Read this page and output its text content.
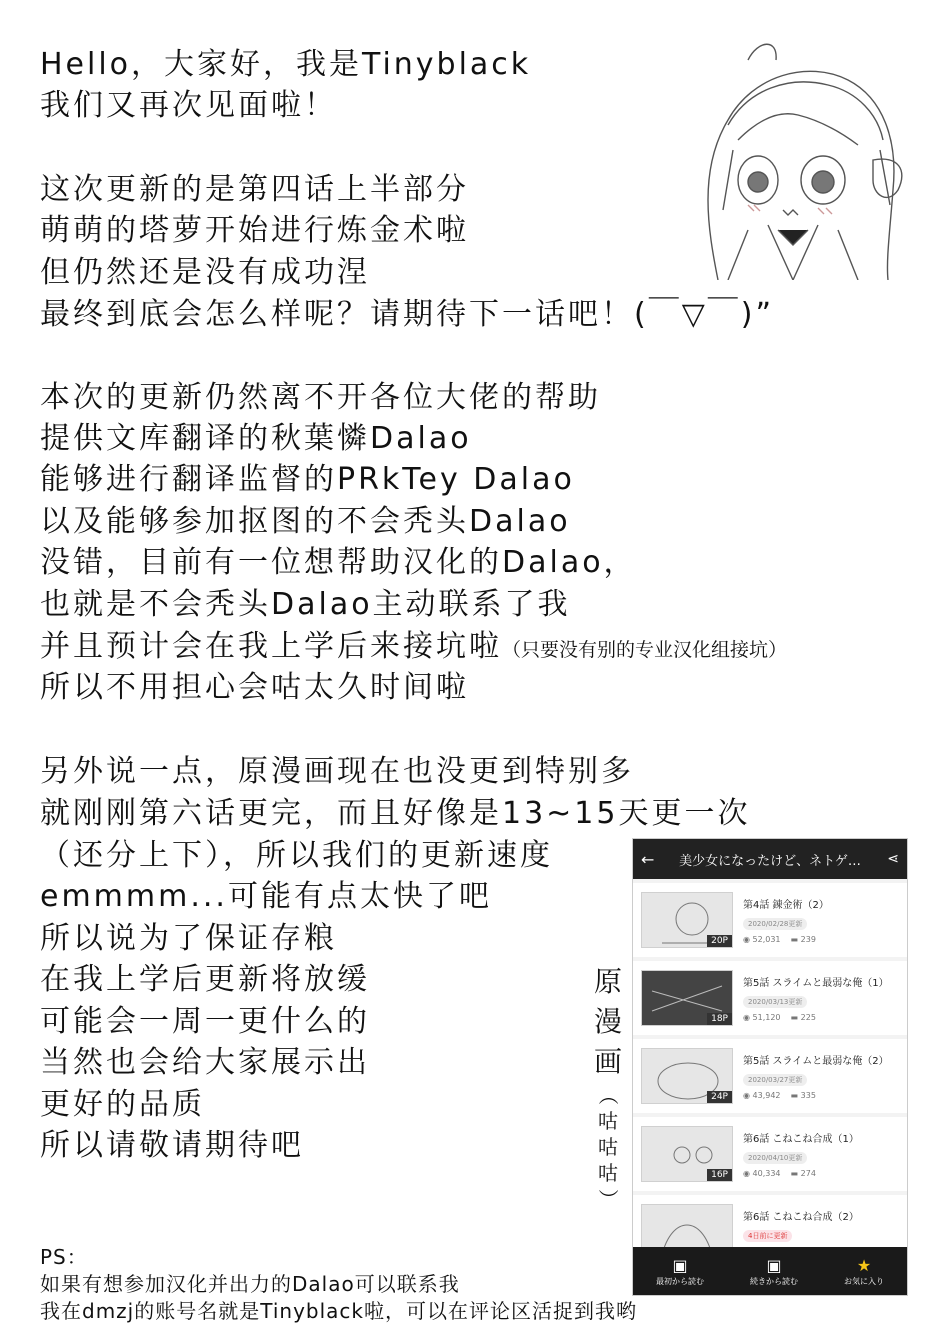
Hello，大家好，我是Tinyblack
我们又再次见面啦！
这次更新的是第四话上半部分
萌萌的塔萝开始进行炼金术啦
但仍然还是没有成功涅
最终到底会怎么样呢？请期待下一话吧！(￣▽￣)”
本次的更新仍然离不开各位大佬的帮助
提供文库翻译的秋葉憐Dalao
能够进行翻译监督的PRkTey Dalao
以及能够参加抠图的不会秃头Dalao
没错，目前有一位想帮助汉化的Dalao，
也就是不会秃头Dalao主动联系了我
并且预计会在我上学后来接坑啦（只要没有别的专业汉化组接坑）
所以不用担心会咕太久时间啦
另外说一点，原漫画现在也没更到特别多
就刚刚第六话更完，而且好像是13~15天更一次
（还分上下），所以我们的更新速度
emmmm...可能有点太快了吧
所以说为了保证存粮
在我上学后更新将放缓
可能会一周一更什么的
当然也会给大家展示出
更好的品质
所以请敬请期待吧
原
漫
画
（
咕
咕
咕
）
←	美少女になったけど、ネトゲ…	⋖
20P
第4話 錬金術（2）
2020/02/28更新
◉ 52,031 ▬ 239
18P
第5話 スライムと最弱な俺（1）
2020/03/13更新
◉ 51,120 ▬ 225
24P
第5話 スライムと最弱な俺（2）
2020/03/27更新
◉ 43,942 ▬ 335
16P
第6話 こねこね合成（1）
2020/04/10更新
◉ 40,334 ▬ 274
第6話 こねこね合成（2）
4日前に更新
▣
最初から読む
▣
続きから読む
★
お気に入り
PS：
如果有想参加汉化并出力的Dalao可以联系我
我在dmzj的账号名就是Tinyblack啦，可以在评论区活捉到我哟
